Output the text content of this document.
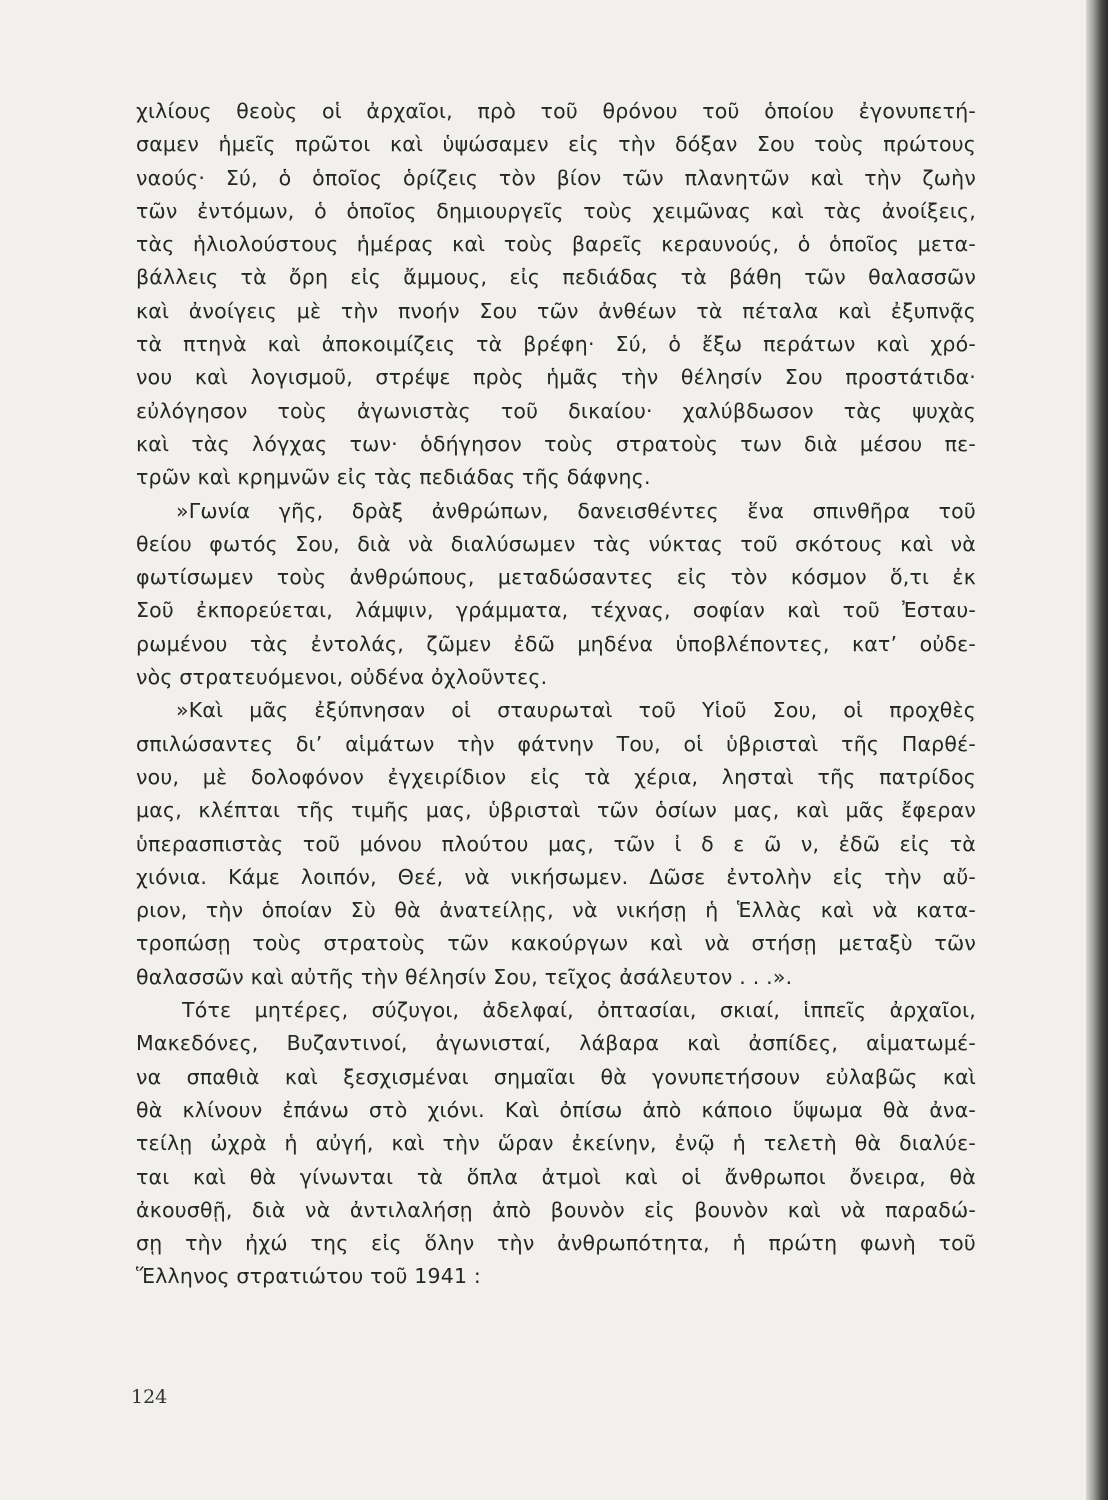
χιλίους θεοὺς οἱ ἀρχαῖοι, πρὸ τοῦ θρόνου τοῦ ὁποίου ἐγονυπετή-
σαμεν ἡμεῖς πρῶτοι καὶ ὑψώσαμεν εἰς τὴν δόξαν Σου τοὺς πρώτους
ναούς· Σύ, ὁ ὁποῖος ὁρίζεις τὸν βίον τῶν πλανητῶν καὶ τὴν ζωὴν
τῶν ἐντόμων, ὁ ὁποῖος δημιουργεῖς τοὺς χειμῶνας καὶ τὰς ἀνοίξεις,
τὰς ἡλιολούστους ἡμέρας καὶ τοὺς βαρεῖς κεραυνούς, ὁ ὁποῖος μετα-
βάλλεις τὰ ὄρη εἰς ἄμμους, εἰς πεδιάδας τὰ βάθη τῶν θαλασσῶν
καὶ ἀνοίγεις μὲ τὴν πνοήν Σου τῶν ἀνθέων τὰ πέταλα καὶ ἐξυπνᾷς
τὰ πτηνὰ καὶ ἀποκοιμίζεις τὰ βρέφη· Σύ, ὁ ἔξω περάτων καὶ χρό-
νου καὶ λογισμοῦ, στρέψε πρὸς ἡμᾶς τὴν θέλησίν Σου προστάτιδα·
εὐλόγησον τοὺς ἀγωνιστὰς τοῦ δικαίου· χαλύβδωσον τὰς ψυχὰς
καὶ τὰς λόγχας των· ὁδήγησον τοὺς στρατοὺς των διὰ μέσου πε-
τρῶν καὶ κρημνῶν εἰς τὰς πεδιάδας τῆς δάφνης.
»Γωνία γῆς, δρὰξ ἀνθρώπων, δανεισθέντες ἕνα σπινθῆρα τοῦ
θείου φωτός Σου, διὰ νὰ διαλύσωμεν τὰς νύκτας τοῦ σκότους καὶ νὰ
φωτίσωμεν τοὺς ἀνθρώπους, μεταδώσαντες εἰς τὸν κόσμον ὅ,τι ἐκ
Σοῦ ἐκπορεύεται, λάμψιν, γράμματα, τέχνας, σοφίαν καὶ τοῦ Ἐσταυ-
ρωμένου τὰς ἐντολάς, ζῶμεν ἐδῶ μηδένα ὑποβλέποντες, κατ’ οὐδε-
νὸς στρατευόμενοι, οὐδένα ὀχλοῦντες.
»Καὶ μᾶς ἐξύπνησαν οἱ σταυρωταὶ τοῦ Υἱοῦ Σου, οἱ προχθὲς
σπιλώσαντες δι’ αἱμάτων τὴν φάτνην Του, οἱ ὑβρισταὶ τῆς Παρθέ-
νου, μὲ δολοφόνον ἐγχειρίδιον εἰς τὰ χέρια, λησταὶ τῆς πατρίδος
μας, κλέπται τῆς τιμῆς μας, ὑβρισταὶ τῶν ὁσίων μας, καὶ μᾶς ἔφεραν
ὑπερασπιστὰς τοῦ μόνου πλούτου μας, τῶν ἰ δ ε ῶ ν, ἐδῶ εἰς τὰ
χιόνια. Κάμε λοιπόν, Θεέ, νὰ νικήσωμεν. Δῶσε ἐντολὴν εἰς τὴν αὔ-
ριον, τὴν ὁποίαν Σὺ θὰ ἀνατείλῃς, νὰ νικήσῃ ἡ Ἑλλὰς καὶ νὰ κατα-
τροπώσῃ τοὺς στρατοὺς τῶν κακούργων καὶ νὰ στήσῃ μεταξὺ τῶν
θαλασσῶν καὶ αὐτῆς τὴν θέλησίν Σου, τεῖχος ἀσάλευτον . . .».
Τότε μητέρες, σύζυγοι, ἀδελφαί, ὀπτασίαι, σκιαί, ἱππεῖς ἀρχαῖοι,
Μακεδόνες, Βυζαντινοί, ἀγωνισταί, λάβαρα καὶ ἀσπίδες, αἱματωμέ-
να σπαθιὰ καὶ ξεσχισμέναι σημαῖαι θὰ γονυπετήσουν εὐλαβῶς καὶ
θὰ κλίνουν ἐπάνω στὸ χιόνι. Καὶ ὀπίσω ἀπὸ κάποιο ὕψωμα θὰ ἀνα-
τείλῃ ὠχρὰ ἡ αὐγή, καὶ τὴν ὥραν ἐκείνην, ἐνῷ ἡ τελετὴ θὰ διαλύε-
ται καὶ θὰ γίνωνται τὰ ὅπλα ἀτμοὶ καὶ οἱ ἄνθρωποι ὄνειρα, θὰ
ἀκουσθῇ, διὰ νὰ ἀντιλαλήσῃ ἀπὸ βουνὸν εἰς βουνὸν καὶ νὰ παραδώ-
σῃ τὴν ἠχώ της εἰς ὅλην τὴν ἀνθρωπότητα, ἡ πρώτη φωνὴ τοῦ
Ἕλληνος στρατιώτου τοῦ 1941 :
124
